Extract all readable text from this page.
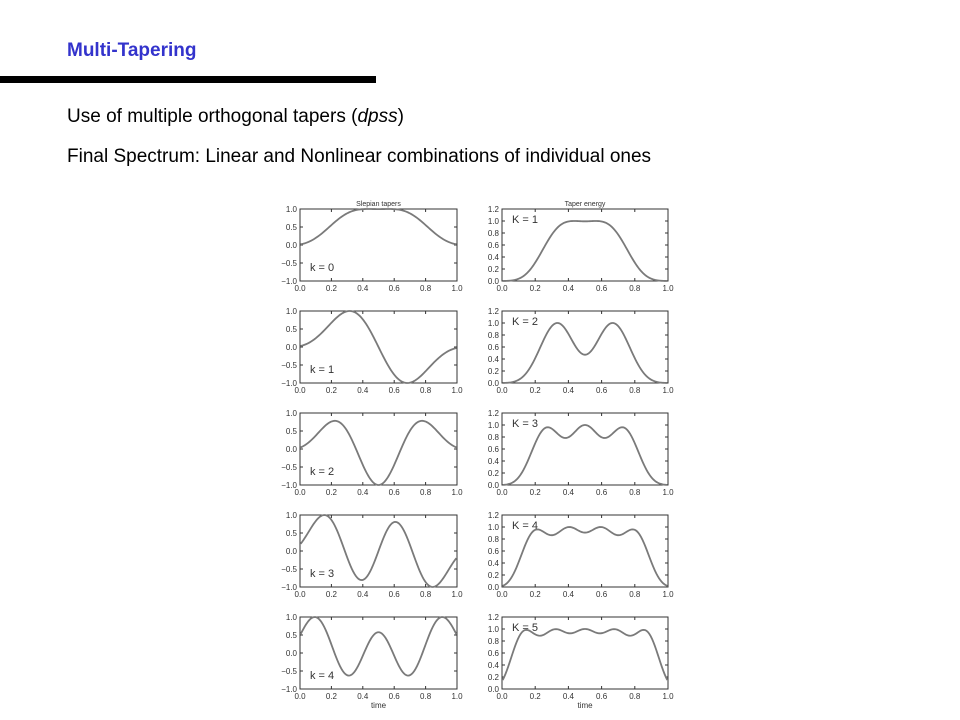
Multi-Tapering
Use of multiple orthogonal tapers (dpss)
Final Spectrum: Linear and Nonlinear combinations of individual ones
Slepian tapers
0.0	0.2	0.4	0.6	0.8	1.0
1.0
0.5
0.0
−0.5
−1.0
k = 0
0.0	0.2	0.4	0.6	0.8	1.0
1.0
0.5
0.0
−0.5
−1.0
k = 1
0.0	0.2	0.4	0.6	0.8	1.0
1.0
0.5
0.0
−0.5
−1.0
k = 2
0.0	0.2	0.4	0.6	0.8	1.0
1.0
0.5
0.0
−0.5
−1.0
k = 3
0.0	0.2	0.4	0.6	0.8	1.0
1.0
0.5
0.0
−0.5
−1.0
k = 4
time
Taper energy
0.0	0.2	0.4	0.6	0.8	1.0
1.2
1.0
0.8
0.6
0.4
0.2
0.0
K = 1
0.0	0.2	0.4	0.6	0.8	1.0
1.2
1.0
0.8
0.6
0.4
0.2
0.0
K = 2
0.0	0.2	0.4	0.6	0.8	1.0
1.2
1.0
0.8
0.6
0.4
0.2
0.0
K = 3
0.0	0.2	0.4	0.6	0.8	1.0
1.2
1.0
0.8
0.6
0.4
0.2
0.0
K = 4
0.0	0.2	0.4	0.6	0.8	1.0
1.2
1.0
0.8
0.6
0.4
0.2
0.0
K = 5
time
